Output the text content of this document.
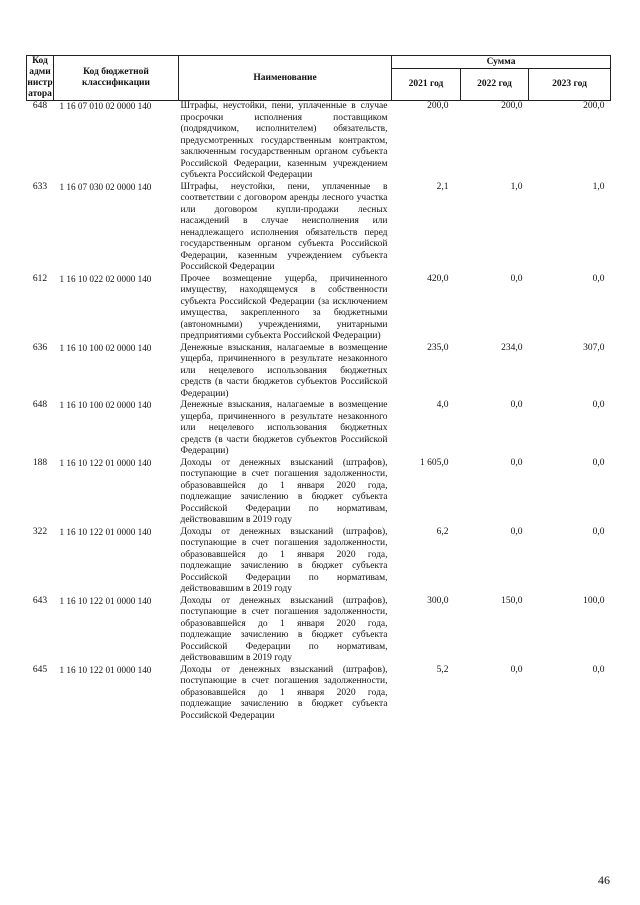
Код адми нистр атора	Код бюджетной классификации	Наименование	Сумма		
			2021 год	2022 год	2023 год
648	1 16 07 010 02 0000 140	Штрафы, неустойки, пени, уплаченные в случае просрочки исполнения поставщиком (подрядчиком, исполнителем) обязательств, предусмотренных государственным контрактом, заключенным государственным органом субъекта Российской Федерации, казенным учреждением субъекта Российской Федерации	200,0	200,0	200,0
633	1 16 07 030 02 0000 140	Штрафы, неустойки, пени, уплаченные в соответствии с договором аренды лесного участка или договором купли-продажи лесных насаждений в случае неисполнения или ненадлежащего исполнения обязательств перед государственным органом субъекта Российской Федерации, казенным учреждением субъекта Российской Федерации	2,1	1,0	1,0
612	1 16 10 022 02 0000 140	Прочее возмещение ущерба, причиненного имуществу, находящемуся в собственности субъекта Российской Федерации (за исключением имущества, закрепленного за бюджетными (автономными) учреждениями, унитарными предприятиями субъекта Российской Федерации)	420,0	0,0	0,0
636	1 16 10 100 02 0000 140	Денежные взыскания, налагаемые в возмещение ущерба, причиненного в результате незаконного или нецелевого использования бюджетных средств (в части бюджетов субъектов Российской Федерации)	235,0	234,0	307,0
648	1 16 10 100 02 0000 140	Денежные взыскания, налагаемые в возмещение ущерба, причиненного в результате незаконного или нецелевого использования бюджетных средств (в части бюджетов субъектов Российской Федерации)	4,0	0,0	0,0
188	1 16 10 122 01 0000 140	Доходы от денежных взысканий (штрафов), поступающие в счет погашения задолженности, образовавшейся до 1 января 2020 года, подлежащие зачислению в бюджет субъекта Российской Федерации по нормативам, действовавшим в 2019 году	1 605,0	0,0	0,0
322	1 16 10 122 01 0000 140	Доходы от денежных взысканий (штрафов), поступающие в счет погашения задолженности, образовавшейся до 1 января 2020 года, подлежащие зачислению в бюджет субъекта Российской Федерации по нормативам, действовавшим в 2019 году	6,2	0,0	0,0
643	1 16 10 122 01 0000 140	Доходы от денежных взысканий (штрафов), поступающие в счет погашения задолженности, образовавшейся до 1 января 2020 года, подлежащие зачислению в бюджет субъекта Российской Федерации по нормативам, действовавшим в 2019 году	300,0	150,0	100,0
645	1 16 10 122 01 0000 140	Доходы от денежных взысканий (штрафов), поступающие в счет погашения задолженности, образовавшейся до 1 января 2020 года, подлежащие зачислению в бюджет субъекта Российской Федерации	5,2	0,0	0,0
46
